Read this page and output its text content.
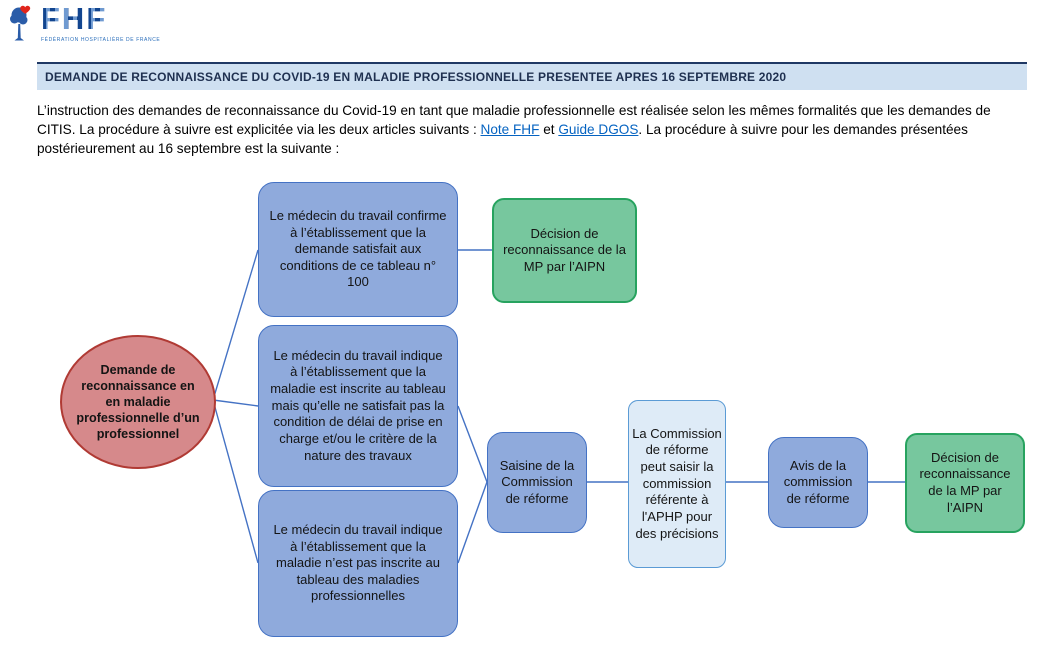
FHF
FÉDÉRATION HOSPITALIÈRE DE FRANCE
DEMANDE DE RECONNAISSANCE DU COVID-19 EN MALADIE PROFESSIONNELLE PRESENTEE APRES 16 SEPTEMBRE 2020

L’instruction des demandes de reconnaissance du Covid-19 en tant que maladie professionnelle est réalisée selon les mêmes formalités que les demandes de CITIS. La procédure à suivre est explicitée via les deux articles suivants : Note FHF et Guide DGOS. La procédure à suivre pour les demandes présentées postérieurement au 16 septembre est la suivante :

Demande de reconnaissance en en maladie professionnelle d’un professionnel
Le médecin du travail confirme à l’établissement que la demande satisfait aux conditions de ce tableau n° 100
Décision de reconnaissance de la MP par l’AIPN
Le médecin du travail indique à l’établissement que la maladie est inscrite au tableau mais qu’elle ne satisfait pas la condition de délai de prise en charge et/ou le critère de la nature des travaux
Le médecin du travail indique à l’établissement que la maladie n’est pas inscrite au tableau des maladies professionnelles
Saisine de la Commission de réforme
La Commission de réforme peut saisir la commission référente à l'APHP pour des précisions
Avis de la commission de réforme
Décision de reconnaissance de la MP par l’AIPN
